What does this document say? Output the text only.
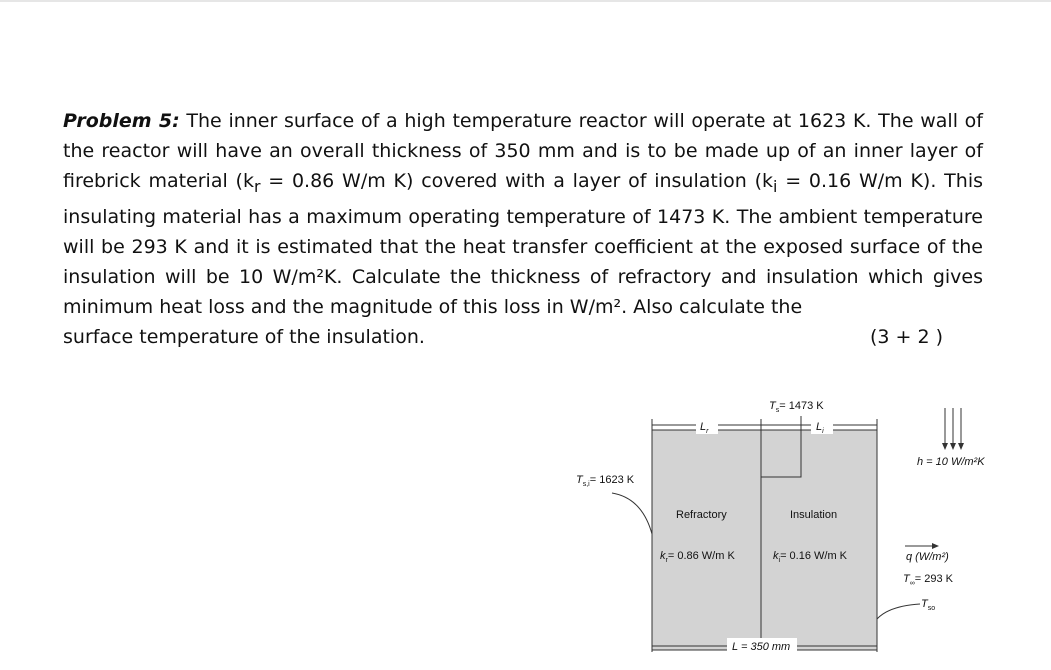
Problem 5: The inner surface of a high temperature reactor will operate at 1623 K. The wall of the reactor will have an overall thickness of 350 mm and is to be made up of an inner layer of firebrick material ($k_r = 0.86$ W/m K) covered with a layer of insulation ($k_i = 0.16$ W/m K). This insulating material has a maximum operating temperature of 1473 K. The ambient temperature will be 293 K and it is estimated that the heat transfer coefficient at the exposed surface of the insulation will be 10 W/m²K. Calculate the thickness of refractory and insulation which gives minimum heat loss and the magnitude of this loss in W/m². Also calculate the
surface temperature of the insulation.	(3 + 2 )
$L_r$	$L_i$
$T_s= 1473$ K
$T_{s,i}= 1623$ K
Refractory	Insulation
$k_r= 0.86$ W/m K	$k_i= 0.16$ W/m K
h = 10 W/m²K
q (W/m²)
$T_\infty= 293$ K
$T_{so}$
L = 350 mm
